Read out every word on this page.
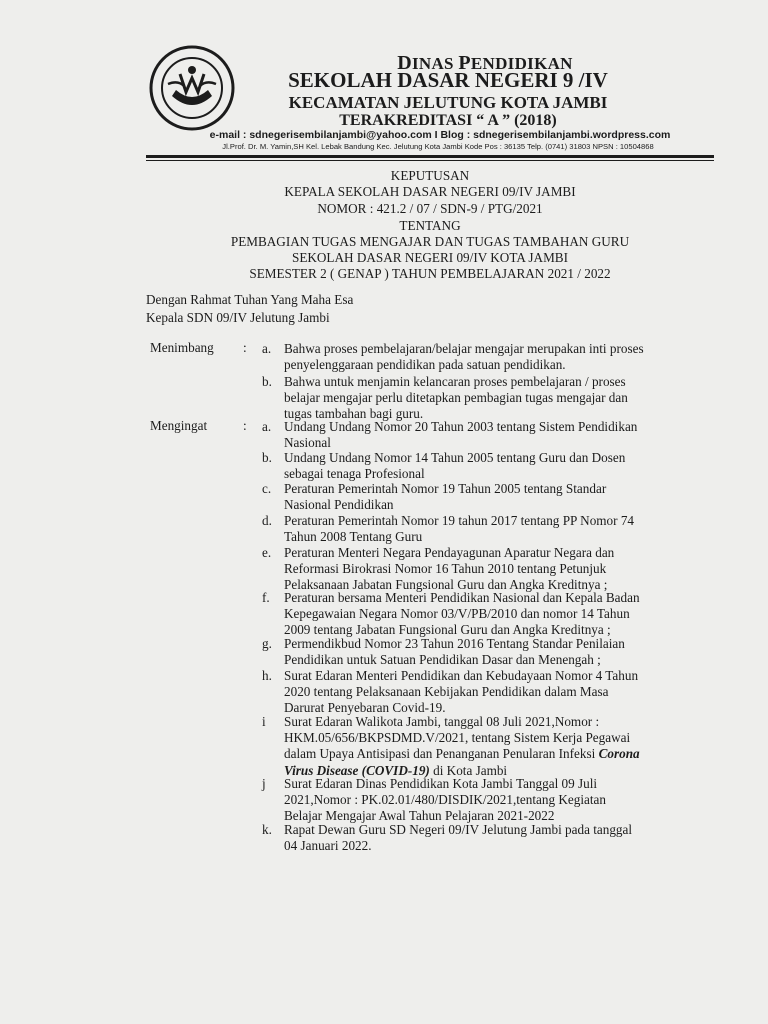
DINAS PENDIDIKAN
SEKOLAH DASAR NEGERI 9 /IV
KECAMATAN JELUTUNG KOTA JAMBI
TERAKREDITASI “ A ” (2018)
e-mail : sdnegerisembilanjambi@yahoo.com I Blog : sdnegerisembilanjambi.wordpress.com
Jl.Prof. Dr. M. Yamin,SH Kel. Lebak Bandung Kec. Jelutung Kota Jambi Kode Pos : 36135 Telp. (0741) 31803 NPSN : 10504868
KEPUTUSAN
KEPALA SEKOLAH DASAR NEGERI 09/IV JAMBI
NOMOR : 421.2 / 07 / SDN-9 / PTG/2021
TENTANG
PEMBAGIAN TUGAS MENGAJAR DAN TUGAS TAMBAHAN GURU
SEKOLAH DASAR NEGERI 09/IV KOTA JAMBI
SEMESTER 2 ( GENAP ) TAHUN PEMBELAJARAN 2021 / 2022
Dengan Rahmat Tuhan Yang Maha Esa
Kepala SDN 09/IV Jelutung Jambi
Menimbang : a. Bahwa proses pembelajaran/belajar mengajar merupakan inti proses
penyelenggaraan pendidikan pada satuan pendidikan.
b. Bahwa untuk menjamin kelancaran proses pembelajaran / proses
belajar mengajar perlu ditetapkan pembagian tugas mengajar dan
tugas tambahan bagi guru.
Mengingat	: a. Undang Undang Nomor 20 Tahun 2003 tentang Sistem Pendidikan
Nasional
b. Undang Undang Nomor 14 Tahun 2005 tentang Guru dan Dosen
sebagai tenaga Profesional
c. Peraturan Pemerintah Nomor 19 Tahun 2005 tentang Standar
Nasional Pendidikan
d. Peraturan Pemerintah Nomor 19 tahun 2017 tentang PP Nomor 74
Tahun 2008 Tentang Guru
e. Peraturan Menteri Negara Pendayagunan Aparatur Negara dan
Reformasi Birokrasi Nomor 16 Tahun 2010 tentang Petunjuk
Pelaksanaan Jabatan Fungsional Guru dan Angka Kreditnya ;
f. Peraturan bersama Menteri Pendidikan Nasional dan Kepala Badan
Kepegawaian Negara Nomor 03/V/PB/2010 dan nomor 14 Tahun
2009 tentang Jabatan Fungsional Guru dan Angka Kreditnya ;
g. Permendikbud Nomor 23 Tahun 2016 Tentang Standar Penilaian
Pendidikan untuk Satuan Pendidikan Dasar dan Menengah ;
h. Surat Edaran Menteri Pendidikan dan Kebudayaan Nomor 4 Tahun
2020 tentang Pelaksanaan Kebijakan Pendidikan dalam Masa
Darurat Penyebaran Covid-19.
i Surat Edaran Walikota Jambi, tanggal 08 Juli 2021,Nomor :
HKM.05/656/BKPSDMD.V/2021, tentang Sistem Kerja Pegawai
dalam Upaya Antisipasi dan Penanganan Penularan Infeksi Corona
Virus Disease (COVID-19) di Kota Jambi
j Surat Edaran Dinas Pendidikan Kota Jambi Tanggal 09 Juli
2021,Nomor : PK.02.01/480/DISDIK/2021,tentang Kegiatan
Belajar Mengajar Awal Tahun Pelajaran 2021-2022
k. Rapat Dewan Guru SD Negeri 09/IV Jelutung Jambi pada tanggal
04 Januari 2022.
